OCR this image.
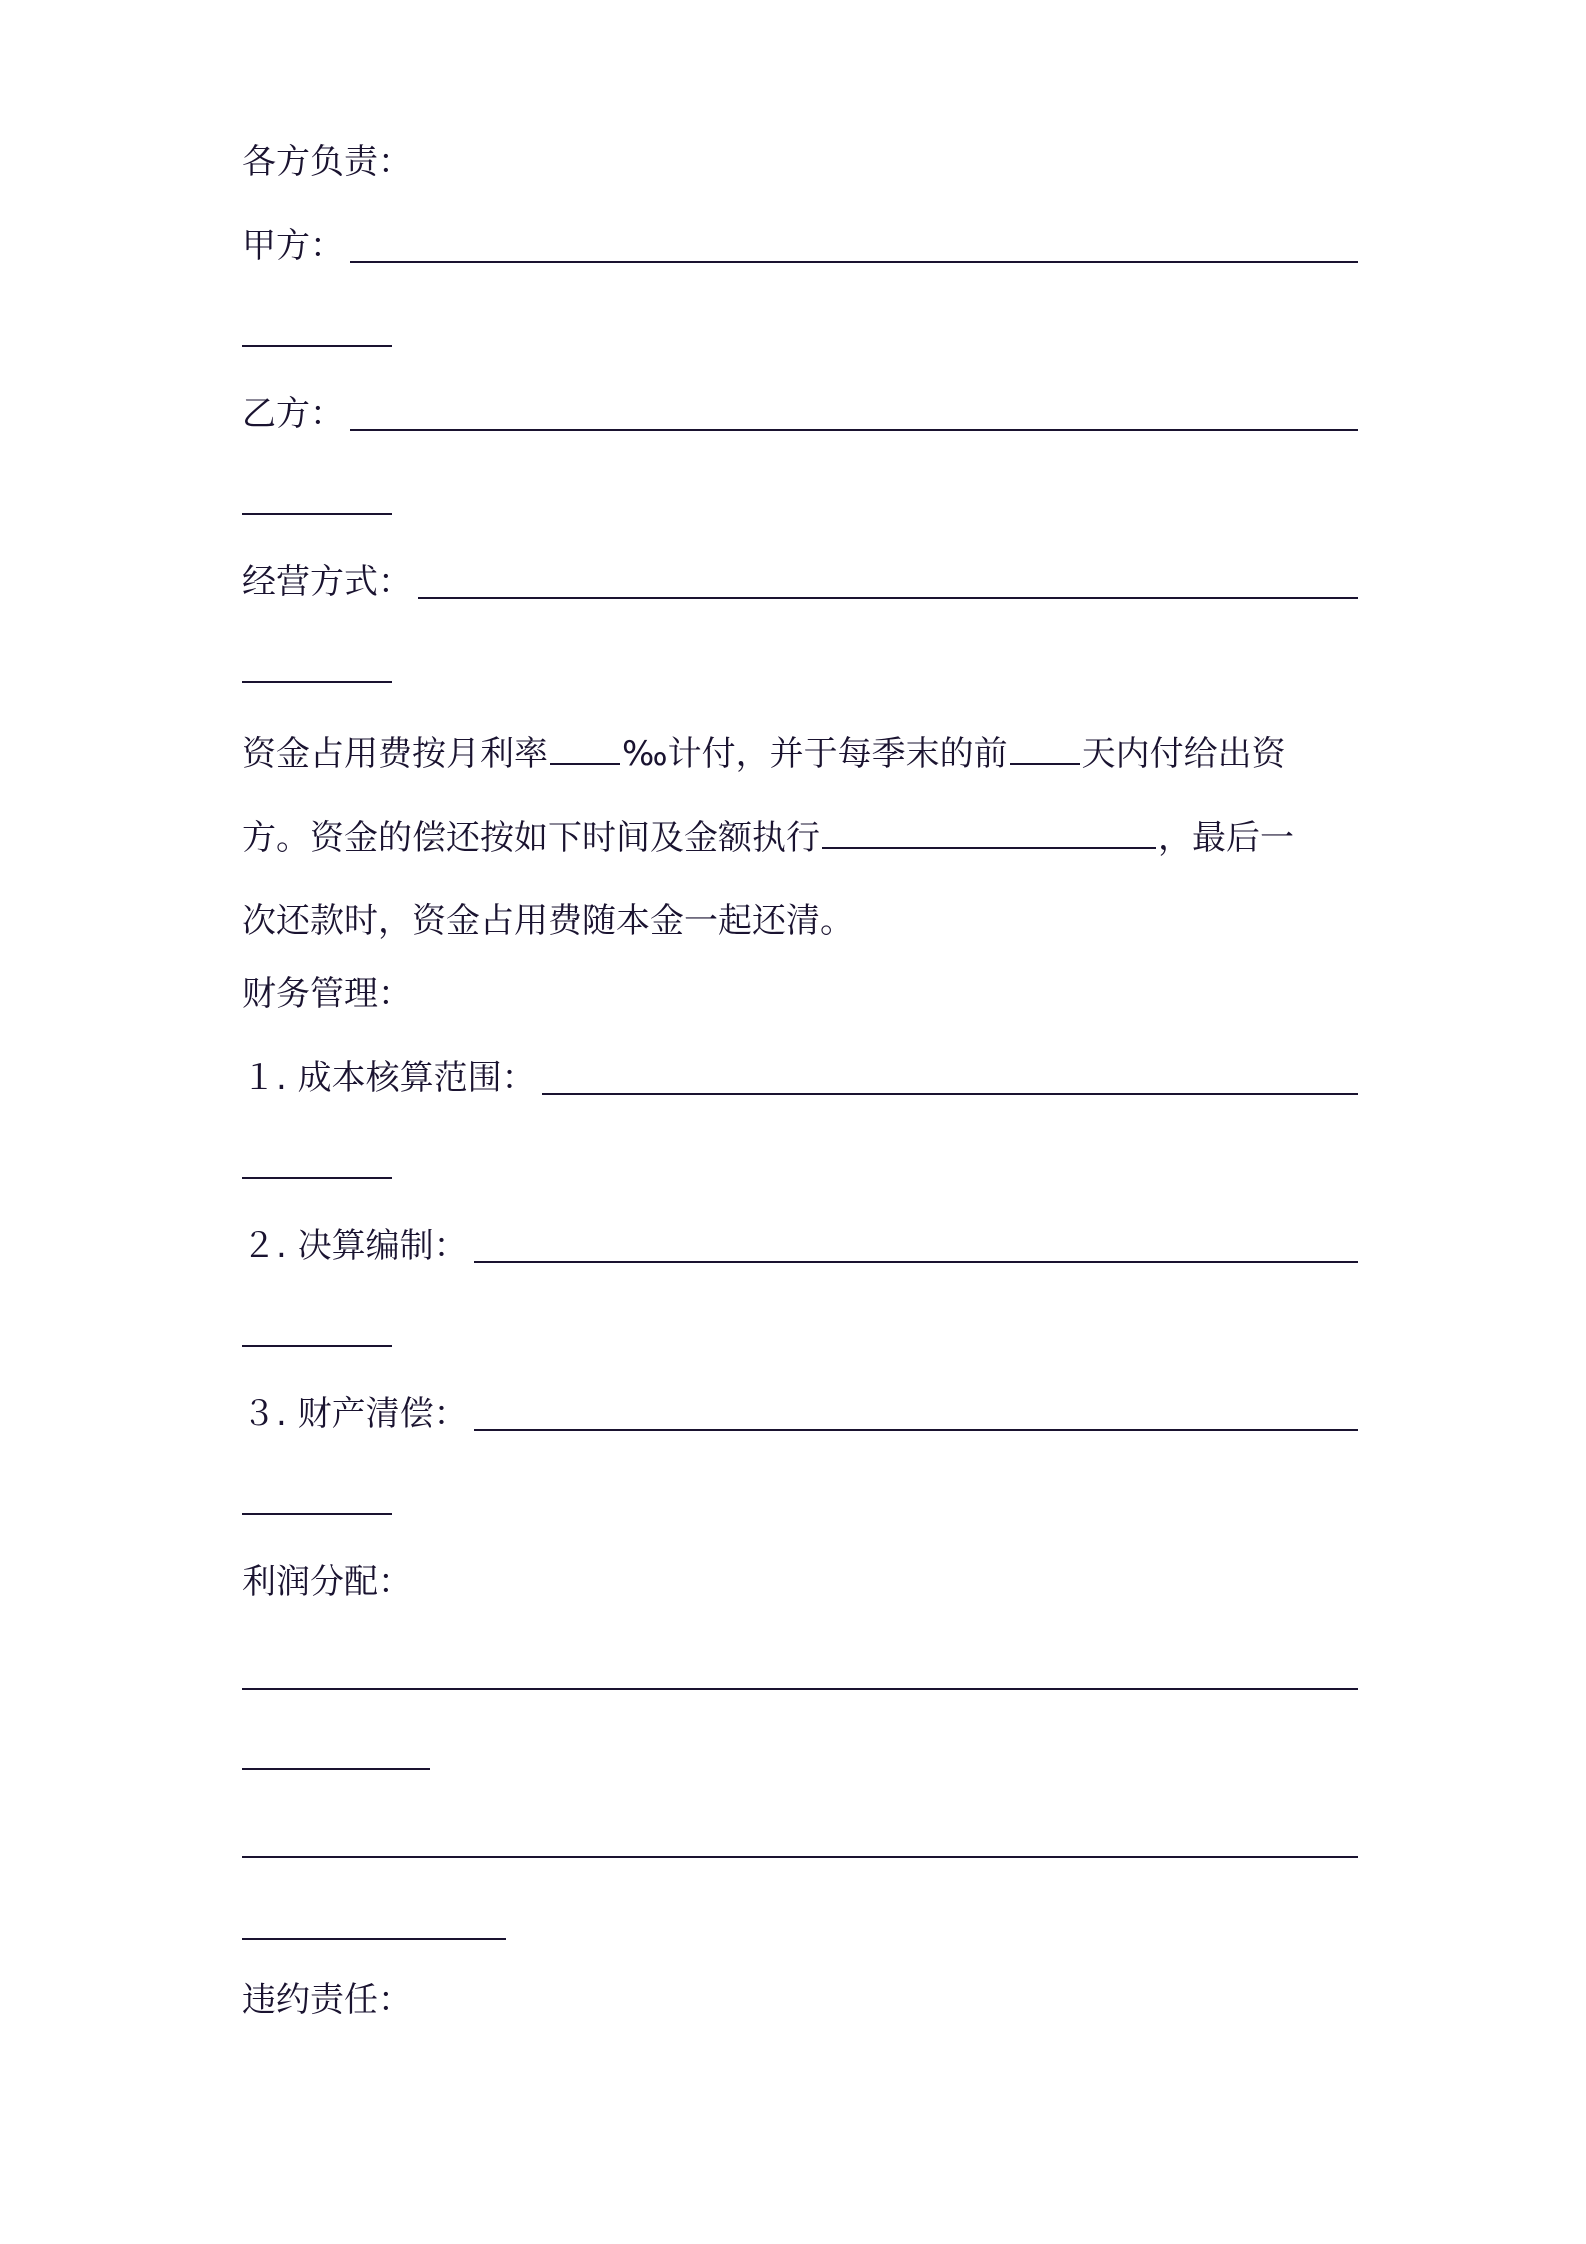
各方负责：
甲方：
乙方：
经营方式：
资金占用费按月利率 ‰计付，并于每季末的前 天内付给出资
方。资金的偿还按如下时间及金额执行	，最后一
次还款时，资金占用费随本金一起还清。
财务管理：
１. 成本核算范围：
２. 决算编制：
３. 财产清偿：
利润分配：
违约责任：
